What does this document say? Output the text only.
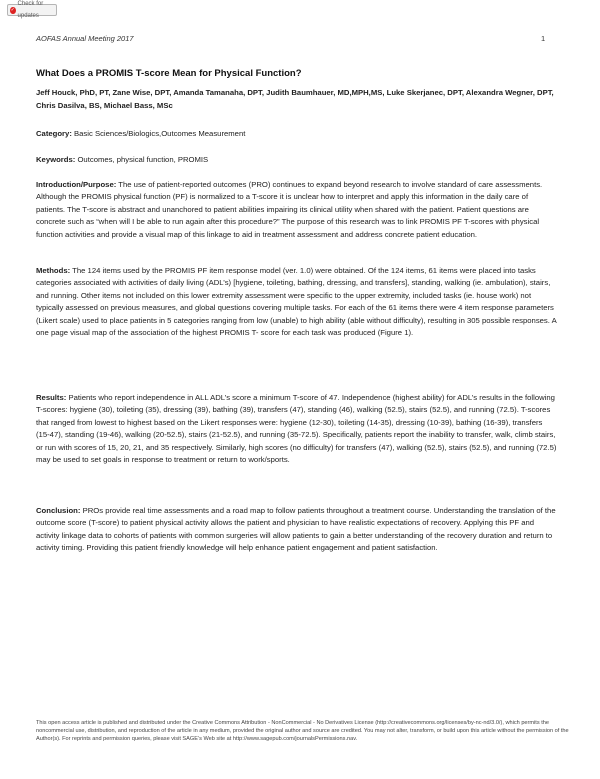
✓
Check for updates
AOFAS Annual Meeting 2017	1
What Does a PROMIS T-score Mean for Physical Function?
Jeff Houck, PhD, PT, Zane Wise, DPT, Amanda Tamanaha, DPT, Judith Baumhauer, MD,MPH,MS, Luke Skerjanec, DPT, Alexandra Wegner, DPT, Chris Dasilva, BS, Michael Bass, MSc
Category: Basic Sciences/Biologics,Outcomes Measurement
Keywords: Outcomes, physical function, PROMIS
Introduction/Purpose: The use of patient-reported outcomes (PRO) continues to expand beyond research to involve standard of care assessments. Although the PROMIS physical function (PF) is normalized to a T-score it is unclear how to interpret and apply this information in the daily care of patients. The T-score is abstract and unanchored to patient abilities impairing its clinical utility when shared with the patient. Patient questions are concrete such as “when will I be able to run again after this procedure?” The purpose of this research was to link PROMIS PF T-scores with physical function activities and provide a visual map of this linkage to aid in treatment assessment and address concrete patient education.
Methods: The 124 items used by the PROMIS PF item response model (ver. 1.0) were obtained. Of the 124 items, 61 items were placed into tasks categories associated with activities of daily living (ADL’s) [hygiene, toileting, bathing, dressing, and transfers], standing, walking (ie. ambulation), stairs, and running. Other items not included on this lower extremity assessment were specific to the upper extremity, included tasks (ie. house work) not typically assessed on previous measures, and global questions covering multiple tasks. For each of the 61 items there were 4 item response parameters (Likert scale) used to place patients in 5 categories ranging from low (unable) to high ability (able without difficulty), resulting in 305 possible responses. A one page visual map of the association of the highest PROMIS T- score for each task was produced (Figure 1).
Results: Patients who report independence in ALL ADL’s score a minimum T-score of 47. Independence (highest ability) for ADL’s results in the following T-scores: hygiene (30), toileting (35), dressing (39), bathing (39), transfers (47), standing (46), walking (52.5), stairs (52.5), and running (72.5). T-scores that ranged from lowest to highest based on the Likert responses were: hygiene (12-30), toileting (14-35), dressing (10-39), bathing (16-39), transfers (15-47), standing (19-46), walking (20-52.5), stairs (21-52.5), and running (35-72.5). Specifically, patients report the inability to transfer, walk, climb stairs, or run with scores of 15, 20, 21, and 35 respectively. Similarly, high scores (no difficulty) for transfers (47), walking (52.5), stairs (52.5), and running (72.5) may be used to set goals in response to treatment or return to work/sports.
Conclusion: PROs provide real time assessments and a road map to follow patients throughout a treatment course. Understanding the translation of the outcome score (T-score) to patient physical activity allows the patient and physician to have realistic expectations of recovery. Applying this PF and activity linkage data to cohorts of patients with common surgeries will allow patients to gain a better understanding of the recovery duration and return to activity timing. Providing this patient friendly knowledge will help enhance patient engagement and patient satisfaction.
This open access article is published and distributed under the Creative Commons Attribution - NonCommercial - No Derivatives License (http://creativecommons.org/licenses/by-nc-nd/3.0/), which permits the noncommercial use, distribution, and reproduction of the article in any medium, provided the original author and source are credited. You may not alter, transform, or build upon this article without the permission of the Author(s). For reprints and permission queries, please visit SAGE’s Web site at http://www.sagepub.com/journalsPermissions.nav.
